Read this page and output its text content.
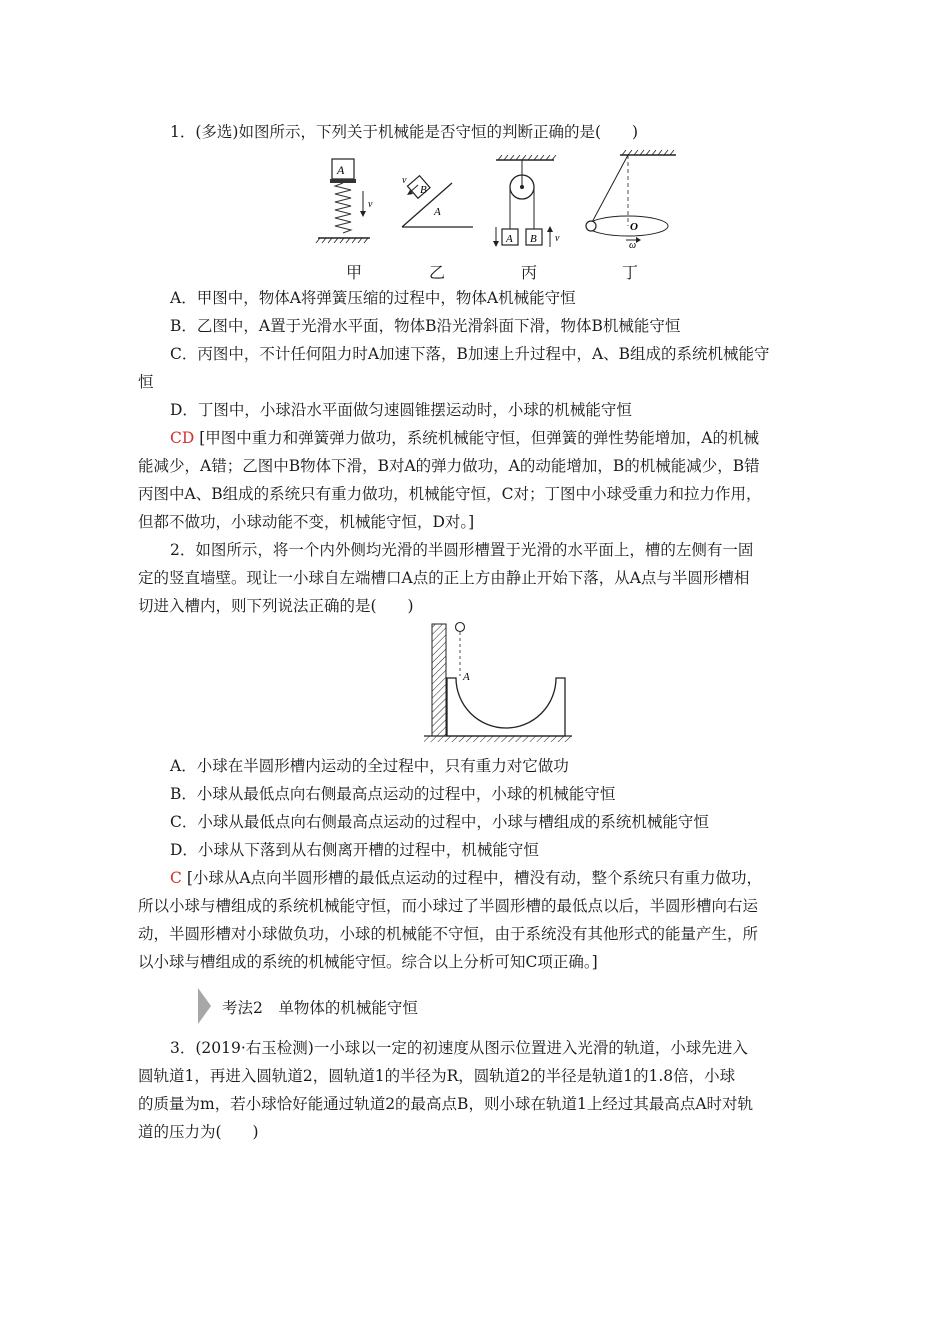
1．(多选)如图所示，下列关于机械能是否守恒的判断正确的是(　　)
A
v
B
A
v
A B v
O
ω
甲	乙	丙	丁
A．甲图中，物体A将弹簧压缩的过程中，物体A机械能守恒
B．乙图中，A置于光滑水平面，物体B沿光滑斜面下滑，物体B机械能守恒
C．丙图中，不计任何阻力时A加速下落，B加速上升过程中，A、B组成的系统机械能守
恒
D．丁图中，小球沿水平面做匀速圆锥摆运动时，小球的机械能守恒
CD [甲图中重力和弹簧弹力做功，系统机械能守恒，但弹簧的弹性势能增加，A的机械
能减少，A错；乙图中B物体下滑，B对A的弹力做功，A的动能增加，B的机械能减少，B错
丙图中A、B组成的系统只有重力做功，机械能守恒，C对；丁图中小球受重力和拉力作用，
但都不做功，小球动能不变，机械能守恒，D对。]
2．如图所示，将一个内外侧均光滑的半圆形槽置于光滑的水平面上，槽的左侧有一固
定的竖直墙壁。现让一小球自左端槽口A点的正上方由静止开始下落，从A点与半圆形槽相
切进入槽内，则下列说法正确的是(　　)
A
A．小球在半圆形槽内运动的全过程中，只有重力对它做功
B．小球从最低点向右侧最高点运动的过程中，小球的机械能守恒
C．小球从最低点向右侧最高点运动的过程中，小球与槽组成的系统机械能守恒
D．小球从下落到从右侧离开槽的过程中，机械能守恒
C [小球从A点向半圆形槽的最低点运动的过程中，槽没有动，整个系统只有重力做功，
所以小球与槽组成的系统机械能守恒，而小球过了半圆形槽的最低点以后，半圆形槽向右运
动，半圆形槽对小球做负功，小球的机械能不守恒，由于系统没有其他形式的能量产生，所
以小球与槽组成的系统的机械能守恒。综合以上分析可知C项正确。]
考法2　单物体的机械能守恒
3．(2019·右玉检测)一小球以一定的初速度从图示位置进入光滑的轨道，小球先进入
圆轨道1，再进入圆轨道2，圆轨道1的半径为R，圆轨道2的半径是轨道1的1.8倍，小球
的质量为m，若小球恰好能通过轨道2的最高点B，则小球在轨道1上经过其最高点A时对轨
道的压力为(　　)
